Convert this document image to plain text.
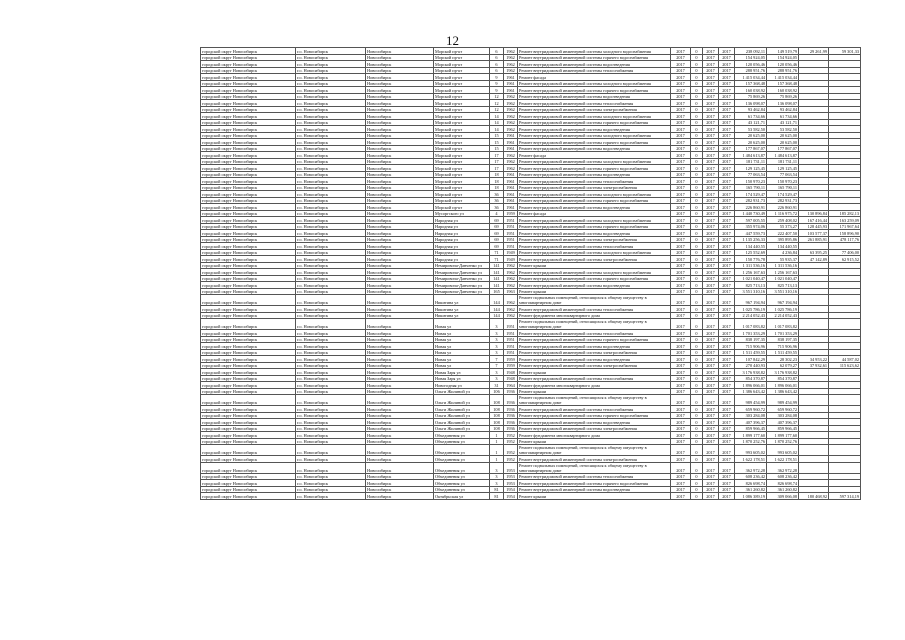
12
городской округ Новосибирск	г.о. Новосибирск	Новосибирск	Морской пр-кт	6	1962	Ремонт внутридомовой инженерной системы холодного водоснабжения	2017	0	2017	2017	238 092,11	149 519,79	29 261,99	59 301,33
городской округ Новосибирск	г.о. Новосибирск	Новосибирск	Морской пр-кт	6	1962	Ремонт внутридомовой инженерной системы горячего водоснабжения	2017	0	2017	2017	154 924,05	154 924,05		
городской округ Новосибирск	г.о. Новосибирск	Новосибирск	Морской пр-кт	6	1962	Ремонт внутридомовой инженерной системы водоотведения	2017	0	2017	2017	120 056,46	120 056,46		
городской округ Новосибирск	г.о. Новосибирск	Новосибирск	Морской пр-кт	6	1962	Ремонт внутридомовой инженерной системы теплоснабжения	2017	0	2017	2017	288 951,76	288 951,76		
городской округ Новосибирск	г.о. Новосибирск	Новосибирск	Морской пр-кт	9	1961	Ремонт фасада	2017	0	2017	2017	1 415 034,44	1 415 034,44		
городской округ Новосибирск	г.о. Новосибирск	Новосибирск	Морской пр-кт	9	1961	Ремонт внутридомовой инженерной системы холодного водоснабжения	2017	0	2017	2017	157 368,48	157 368,48		
городской округ Новосибирск	г.о. Новосибирск	Новосибирск	Морской пр-кт	9	1961	Ремонт внутридомовой инженерной системы горячего водоснабжения	2017	0	2017	2017	160 038,92	160 038,92		
городской округ Новосибирск	г.о. Новосибирск	Новосибирск	Морской пр-кт	12	1962	Ремонт внутридомовой инженерной системы водоотведения	2017	0	2017	2017	75 869,26	75 869,26		
городской округ Новосибирск	г.о. Новосибирск	Новосибирск	Морской пр-кт	12	1962	Ремонт внутридомовой инженерной системы теплоснабжения	2017	0	2017	2017	136 098,07	136 098,07		
городской округ Новосибирск	г.о. Новосибирск	Новосибирск	Морской пр-кт	12	1962	Ремонт внутридомовой инженерной системы электроснабжения	2017	0	2017	2017	93 462,84	93 462,84		
городской округ Новосибирск	г.о. Новосибирск	Новосибирск	Морской пр-кт	14	1962	Ремонт внутридомовой инженерной системы холодного водоснабжения	2017	0	2017	2017	61 734,66	61 734,66		
городской округ Новосибирск	г.о. Новосибирск	Новосибирск	Морской пр-кт	14	1962	Ремонт внутридомовой инженерной системы горячего водоснабжения	2017	0	2017	2017	43 121,71	43 121,71		
городской округ Новосибирск	г.о. Новосибирск	Новосибирск	Морской пр-кт	14	1962	Ремонт внутридомовой инженерной системы водоотведения	2017	0	2017	2017	53 582,50	53 582,50		
городской округ Новосибирск	г.о. Новосибирск	Новосибирск	Морской пр-кт	15	1961	Ремонт внутридомовой инженерной системы холодного водоснабжения	2017	0	2017	2017	20 625,00	20 625,00		
городской округ Новосибирск	г.о. Новосибирск	Новосибирск	Морской пр-кт	15	1961	Ремонт внутридомовой инженерной системы горячего водоснабжения	2017	0	2017	2017	20 625,00	20 625,00		
городской округ Новосибирск	г.о. Новосибирск	Новосибирск	Морской пр-кт	15	1961	Ремонт внутридомовой инженерной системы водоотведения	2017	0	2017	2017	177 867,07	177 867,07		
городской округ Новосибирск	г.о. Новосибирск	Новосибирск	Морской пр-кт	17	1962	Ремонт фасада	2017	0	2017	2017	1 484 613,87	1 484 613,87		
городской округ Новосибирск	г.о. Новосибирск	Новосибирск	Морской пр-кт	17	1962	Ремонт внутридомовой инженерной системы холодного водоснабжения	2017	0	2017	2017	181 731,11	181 731,11		
городской округ Новосибирск	г.о. Новосибирск	Новосибирск	Морской пр-кт	17	1962	Ремонт внутридомовой инженерной системы горячего водоснабжения	2017	0	2017	2017	129 125,45	129 125,45		
городской округ Новосибирск	г.о. Новосибирск	Новосибирск	Морской пр-кт	18	1961	Ремонт внутридомовой инженерной системы водоотведения	2017	0	2017	2017	77 063,54	77 063,54		
городской округ Новосибирск	г.о. Новосибирск	Новосибирск	Морской пр-кт	18	1961	Ремонт внутридомовой инженерной системы теплоснабжения	2017	0	2017	2017	150 970,23	150 970,23		
городской округ Новосибирск	г.о. Новосибирск	Новосибирск	Морской пр-кт	18	1961	Ремонт внутридомовой инженерной системы электроснабжения	2017	0	2017	2017	165 790,11	165 790,11		
городской округ Новосибирск	г.о. Новосибирск	Новосибирск	Морской пр-кт	36	1961	Ремонт внутридомовой инженерной системы холодного водоснабжения	2017	0	2017	2017	174 529,47	174 529,47		
городской округ Новосибирск	г.о. Новосибирск	Новосибирск	Морской пр-кт	36	1961	Ремонт внутридомовой инженерной системы горячего водоснабжения	2017	0	2017	2017	282 931,73	282 931,73		
городской округ Новосибирск	г.о. Новосибирск	Новосибирск	Морской пр-кт	36	1961	Ремонт внутридомовой инженерной системы водоотведения	2017	0	2017	2017	226 860,91	226 860,91		
городской округ Новосибирск	г.о. Новосибирск	Новосибирск	Мусоргского ул	4	1959	Ремонт фасада	2017	0	2017	2017	1 440 730,49	1 116 975,72	130 896,84	185 282,13
городской округ Новосибирск	г.о. Новосибирск	Новосибирск	Народная ул	69	1951	Ремонт внутридомовой инженерной системы холодного водоснабжения	2017	0	2017	2017	597 005,55	259 408,02	167 416,44	163 259,09
городской округ Новосибирск	г.о. Новосибирск	Новосибирск	Народная ул	69	1951	Ремонт внутридомовой инженерной системы горячего водоснабжения	2017	0	2017	2017	355 974,06	55 373,27	128 445,93	171 967,64
городской округ Новосибирск	г.о. Новосибирск	Новосибирск	Народная ул	69	1951	Ремонт внутридомовой инженерной системы водоотведения	2017	0	2017	2017	447 559,73	222 407,50	103 577,37	158 896,90
городской округ Новосибирск	г.о. Новосибирск	Новосибирск	Народная ул	69	1951	Ремонт внутридомовой инженерной системы электроснабжения	2017	0	2017	2017	1 135 256,33	395 895,86	261 885,91	478 117,76
городской округ Новосибирск	г.о. Новосибирск	Новосибирск	Народная ул	69	1951	Ремонт внутридомовой инженерной системы теплоснабжения	2017	0	2017	2017	134 440,55	134 440,55		
городской округ Новосибирск	г.о. Новосибирск	Новосибирск	Народная ул	71	1949	Ремонт внутридомовой инженерной системы холодного водоснабжения	2017	0	2017	2017	125 552,69	4 236,84	63 395,25	77 406,00
городской округ Новосибирск	г.о. Новосибирск	Новосибирск	Народная ул	71	1949	Ремонт внутридомовой инженерной системы электроснабжения	2017	0	2017	2017	150 776,78	55 935,37	47 142,89	62 915,52
городской округ Новосибирск	г.о. Новосибирск	Новосибирск	Немировича-Данченко ул	141	1962	Ремонт крыши	2017	0	2017	2017	1 311 536,16	1 311 536,16		
городской округ Новосибирск	г.о. Новосибирск	Новосибирск	Немировича-Данченко ул	141	1962	Ремонт внутридомовой инженерной системы холодного водоснабжения	2017	0	2017	2017	1 256 167,63	1 256 167,63		
городской округ Новосибирск	г.о. Новосибирск	Новосибирск	Немировича-Данченко ул	141	1962	Ремонт внутридомовой инженерной системы горячего водоснабжения	2017	0	2017	2017	1 021 040,47	1 021 040,47		
городской округ Новосибирск	г.о. Новосибирск	Новосибирск	Немировича-Данченко ул	141	1962	Ремонт внутридомовой инженерной системы водоотведения	2017	0	2017	2017	825 713,13	825 713,13		
городской округ Новосибирск	г.о. Новосибирск	Новосибирск	Немировича-Данченко ул	165	1963	Ремонт крыши	2017	0	2017	2017	3 551 310,16	3 551 310,16		
городской округ Новосибирск	г.о. Новосибирск	Новосибирск	Никитина ул	144	1962	Ремонт подвальных помещений, относящихся к общему имуществу в многоквартирном доме	2017	0	2017	2017	967 194,94	967 194,94		
городской округ Новосибирск	г.о. Новосибирск	Новосибирск	Никитина ул	144	1962	Ремонт внутридомовой инженерной системы теплоснабжения	2017	0	2017	2017	1 025 786,19	1 025 786,19		
городской округ Новосибирск	г.о. Новосибирск	Новосибирск	Никитина ул	144	1962	Ремонт фундамента многоквартирного дома	2017	0	2017	2017	2 214 052,43	2 214 052,43		
городской округ Новосибирск	г.о. Новосибирск	Новосибирск	Новая ул	3	1951	Ремонт подвальных помещений, относящихся к общему имуществу в многоквартирном доме	2017	0	2017	2017	1 017 083,82	1 017 083,82		
городской округ Новосибирск	г.о. Новосибирск	Новосибирск	Новая ул	3	1951	Ремонт внутридомовой инженерной системы теплоснабжения	2017	0	2017	2017	1 701 353,29	1 701 353,29		
городской округ Новосибирск	г.о. Новосибирск	Новосибирск	Новая ул	3	1951	Ремонт внутридомовой инженерной системы горячего водоснабжения	2017	0	2017	2017	838 197,35	838 197,35		
городской округ Новосибирск	г.о. Новосибирск	Новосибирск	Новая ул	3	1951	Ремонт внутридомовой инженерной системы водоотведения	2017	0	2017	2017	715 906,96	715 906,96		
городской округ Новосибирск	г.о. Новосибирск	Новосибирск	Новая ул	3	1951	Ремонт внутридомовой инженерной системы электроснабжения	2017	0	2017	2017	1 511 459,55	1 511 459,55		
городской округ Новосибирск	г.о. Новосибирск	Новосибирск	Новая ул	7	1959	Ремонт внутридомовой инженерной системы водоотведения	2017	0	2017	2017	107 842,29	28 302,23	34 953,22	44 587,02
городской округ Новосибирск	г.о. Новосибирск	Новосибирск	Новая ул	7	1959	Ремонт внутридомовой инженерной системы электроснабжения	2017	0	2017	2017	270 440,93	62 079,27	37 932,61	115 623,62
городской округ Новосибирск	г.о. Новосибирск	Новосибирск	Новая Заря ул	3	1948	Ремонт крыши	2017	0	2017	2017	3 176 938,82	3 176 938,82		
городской округ Новосибирск	г.о. Новосибирск	Новосибирск	Новая Заря ул	3	1948	Ремонт внутридомовой инженерной системы теплоснабжения	2017	0	2017	2017	854 370,87	854 370,87		
городской округ Новосибирск	г.о. Новосибирск	Новосибирск	Новогодняя ул	31	1964	Ремонт фундамента многоквартирного дома	2017	0	2017	2017	1 896 066,01	1 896 066,01		
городской округ Новосибирск	г.о. Новосибирск	Новосибирск	Ольги Жилиной ул	106	1936	Ремонт крыши	2017	0	2017	2017	1 386 643,42	1 386 643,42		
городской округ Новосибирск	г.о. Новосибирск	Новосибирск	Ольги Жилиной ул	108	1936	Ремонт подвальных помещений, относящихся к общему имуществу в многоквартирном доме	2017	0	2017	2017	989 454,99	989 454,99		
городской округ Новосибирск	г.о. Новосибирск	Новосибирск	Ольги Жилиной ул	108	1936	Ремонт внутридомовой инженерной системы теплоснабжения	2017	0	2017	2017	659 960,72	659 960,72		
городской округ Новосибирск	г.о. Новосибирск	Новосибирск	Ольги Жилиной ул	108	1936	Ремонт внутридомовой инженерной системы горячего водоснабжения	2017	0	2017	2017	303 284,08	303 284,08		
городской округ Новосибирск	г.о. Новосибирск	Новосибирск	Ольги Жилиной ул	108	1936	Ремонт внутридомовой инженерной системы водоотведения	2017	0	2017	2017	407 396,37	407 396,37		
городской округ Новосибирск	г.о. Новосибирск	Новосибирск	Ольги Жилиной ул	108	1936	Ремонт внутридомовой инженерной системы электроснабжения	2017	0	2017	2017	859 966,45	859 966,45		
городской округ Новосибирск	г.о. Новосибирск	Новосибирск	Объединения ул	1	1952	Ремонт фундамента многоквартирного дома	2017	0	2017	2017	1 899 177,60	1 899 177,60		
городской округ Новосибирск	г.о. Новосибирск	Новосибирск	Объединения ул	1	1952	Ремонт крыши	2017	0	2017	2017	1 870 252,76	1 870 252,76		
городской округ Новосибирск	г.о. Новосибирск	Новосибирск	Объединения ул	1	1952	Ремонт подвальных помещений, относящихся к общему имуществу в многоквартирном доме	2017	0	2017	2017	993 605,02	993 605,02		
городской округ Новосибирск	г.о. Новосибирск	Новосибирск	Объединения ул	1	1952	Ремонт внутридомовой инженерной системы электроснабжения	2017	0	2017	2017	1 622 178,51	1 622 178,51		
городской округ Новосибирск	г.о. Новосибирск	Новосибирск	Объединения ул	3	1953	Ремонт подвальных помещений, относящихся к общему имуществу в многоквартирном доме	2017	0	2017	2017	362 972,28	362 972,28		
городской округ Новосибирск	г.о. Новосибирск	Новосибирск	Объединения ул	3	1953	Ремонт внутридомовой инженерной системы теплоснабжения	2017	0	2017	2017	608 236,42	608 236,42		
городской округ Новосибирск	г.о. Новосибирск	Новосибирск	Объединения ул	3	1953	Ремонт внутридомовой инженерной системы горячего водоснабжения	2017	0	2017	2017	826 698,74	826 698,74		
городской округ Новосибирск	г.о. Новосибирск	Новосибирск	Объединения ул	81	1954	Ремонт внутридомовой инженерной системы водоотведения	2017	0	2017	2017	361 260,82	361 260,82		
городской округ Новосибирск	г.о. Новосибирск	Новосибирск	Октябрьская ул	81	1954	Ремонт крыши	2017	0	2017	2017	1 086 389,19	309 066,08	180 468,92	597 314,19
